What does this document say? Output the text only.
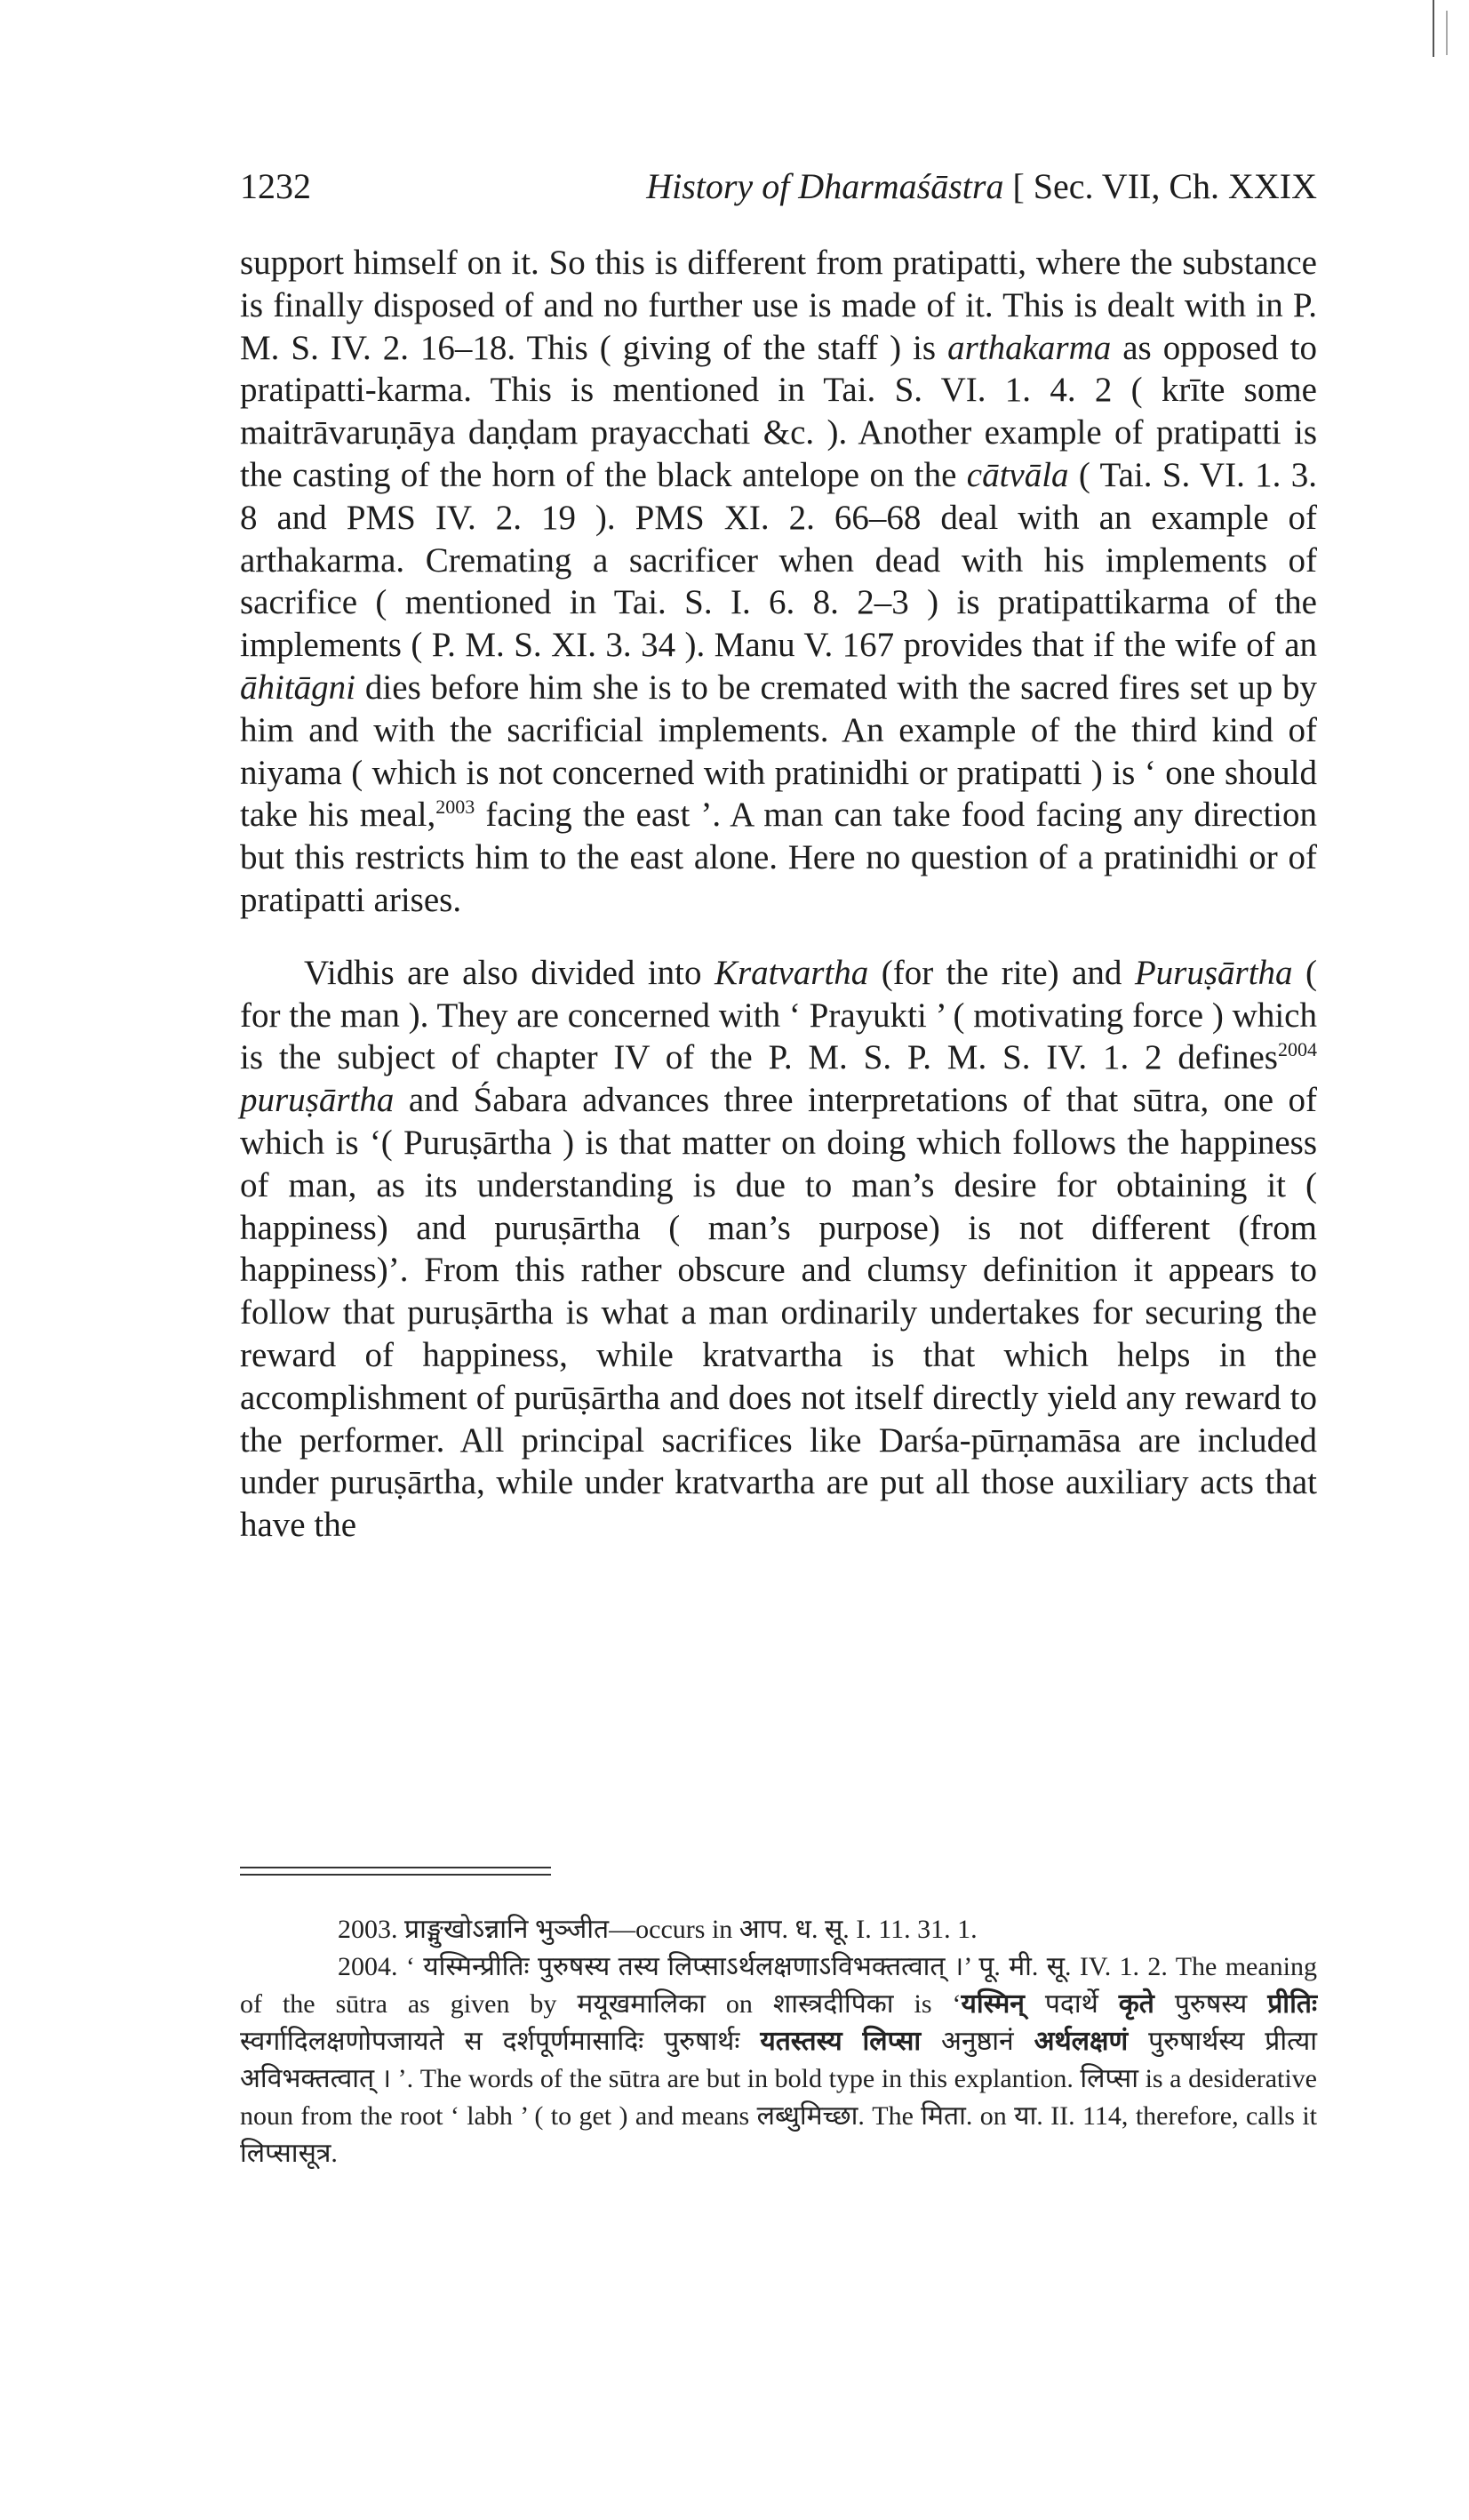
1232	History of Dharmaśāstra [ Sec. VII, Ch. XXIX

support himself on it. So this is different from pratipatti, where the substance is finally disposed of and no further use is made of it. This is dealt with in P. M. S. IV. 2. 16–18. This ( giving of the staff ) is arthakarma as opposed to pratipatti-karma. This is mentioned in Tai. S. VI. 1. 4. 2 ( krīte some maitrāvaruṇāya daṇḍam prayacchati &c. ). Another example of pratipatti is the casting of the horn of the black antelope on the cātvāla ( Tai. S. VI. 1. 3. 8 and PMS IV. 2. 19 ). PMS XI. 2. 66–68 deal with an example of arthakarma. Cremating a sacrificer when dead with his implements of sacrifice ( mentioned in Tai. S. I. 6. 8. 2–3 ) is pratipattikarma of the implements ( P. M. S. XI. 3. 34 ). Manu V. 167 provides that if the wife of an āhitāgni dies before him she is to be cremated with the sacred fires set up by him and with the sacrificial implements. An example of the third kind of niyama ( which is not concerned with pratinidhi or pratipatti ) is ‘ one should take his meal,$^{2003}$ facing the east ’. A man can take food facing any direction but this restricts him to the east alone. Here no question of a pratinidhi or of pratipatti arises.

Vidhis are also divided into Kratvartha (for the rite) and Puruṣārtha ( for the man ). They are concerned with ‘ Prayukti ’ ( motivating force ) which is the subject of chapter IV of the P. M. S. P. M. S. IV. 1. 2 defines$^{2004}$ puruṣārtha and Śabara advances three interpretations of that sūtra, one of which is ‘( Puruṣārtha ) is that matter on doing which follows the happiness of man, as its understanding is due to man’s desire for obtaining it ( happiness) and puruṣārtha ( man’s purpose) is not different (from happiness)’. From this rather obscure and clumsy definition it appears to follow that puruṣārtha is what a man ordinarily undertakes for securing the reward of happiness, while kratvartha is that which helps in the accomplishment of purūṣārtha and does not itself directly yield any reward to the performer. All principal sacrifices like Darśa-pūrṇamāsa are included under puruṣārtha, while under kratvartha are put all those auxiliary acts that have the

2003. प्राङ्मुखोऽन्नानि भुञ्जीत—occurs in आप. ध. सू. I. 11. 31. 1.

2004. ‘ यस्मिन्प्रीतिः पुरुषस्य तस्य लिप्साऽर्थलक्षणाऽविभक्तत्वात् ।’ पू. मी. सू. IV. 1. 2. The meaning of the sūtra as given by मयूखमालिका on शास्त्रदीपिका is ‘यस्मिन् पदार्थे कृते पुरुषस्य प्रीतिः स्वर्गादिलक्षणोपजायते स दर्शपूर्णमासादिः पुरुषार्थः यतस्तस्य लिप्सा अनुष्ठानं अर्थलक्षणं पुरुषार्थस्य प्रीत्या अविभक्तत्वात् । ’. The words of the sūtra are but in bold type in this explantion. लिप्सा is a desiderative noun from the root ‘ labh ’ ( to get ) and means लब्धुमिच्छा. The मिता. on या. II. 114, therefore, calls it लिप्सासूत्र.
